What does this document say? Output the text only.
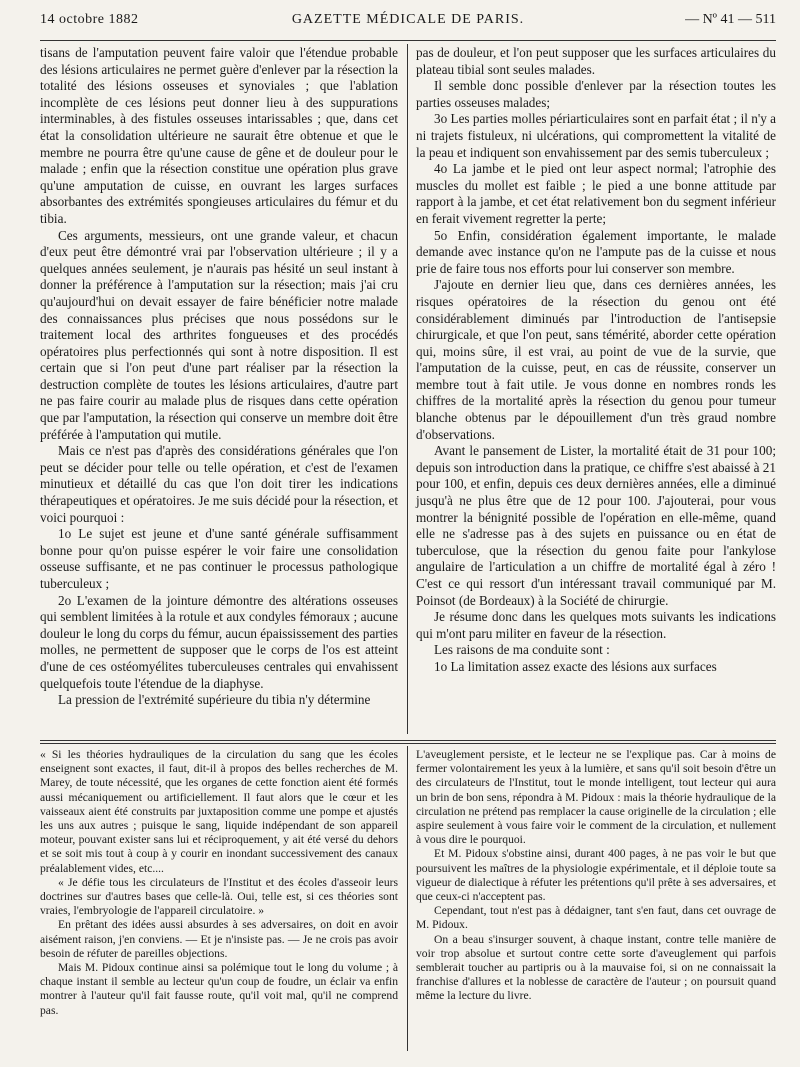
14 octobre 1882	GAZETTE MÉDICALE DE PARIS.	— Nº 41 — 511

tisans de l'amputation peuvent faire valoir que l'étendue probable des lésions articulaires ne permet guère d'enlever par la résection la totalité des lésions osseuses et synoviales ; que l'ablation incomplète de ces lésions peut donner lieu à des suppurations interminables, à des fistules osseuses intarissables ; que, dans cet état la consolidation ultérieure ne saurait être obtenue et que le membre ne pourra être qu'une cause de gêne et de douleur pour le malade ; enfin que la résection constitue une opération plus grave qu'une amputation de cuisse, en ouvrant les larges surfaces absorbantes des extrémités spongieuses articulaires du fémur et du tibia.

Ces arguments, messieurs, ont une grande valeur, et chacun d'eux peut être démontré vrai par l'observation ultérieure ; il y a quelques années seulement, je n'aurais pas hésité un seul instant à donner la préférence à l'amputation sur la résection; mais j'ai cru qu'aujourd'hui on devait essayer de faire bénéficier notre malade des connaissances plus précises que nous possédons sur le traitement local des arthrites fongueuses et des procédés opératoires plus perfectionnés qui sont à notre disposition. Il est certain que si l'on peut d'une part réaliser par la résection la destruction complète de toutes les lésions articulaires, d'autre part ne pas faire courir au malade plus de risques dans cette opération que par l'amputation, la résection qui conserve un membre doit être préférée à l'amputation qui mutile.

Mais ce n'est pas d'après des considérations générales que l'on peut se décider pour telle ou telle opération, et c'est de l'examen minutieux et détaillé du cas que l'on doit tirer les indications thérapeutiques et opératoires. Je me suis décidé pour la résection, et voici pourquoi :

1o Le sujet est jeune et d'une santé générale suffisamment bonne pour qu'on puisse espérer le voir faire une consolidation osseuse suffisante, et ne pas continuer le processus pathologique tuberculeux ;

2o L'examen de la jointure démontre des altérations osseuses qui semblent limitées à la rotule et aux condyles fémoraux ; aucune douleur le long du corps du fémur, aucun épaississement des parties molles, ne permettent de supposer que le corps de l'os est atteint d'une de ces ostéomyélites tuberculeuses centrales qui envahissent quelquefois toute l'étendue de la diaphyse.

La pression de l'extrémité supérieure du tibia n'y détermine

pas de douleur, et l'on peut supposer que les surfaces articulaires du plateau tibial sont seules malades.

Il semble donc possible d'enlever par la résection toutes les parties osseuses malades;

3o Les parties molles périarticulaires sont en parfait état ; il n'y a ni trajets fistuleux, ni ulcérations, qui compromettent la vitalité de la peau et indiquent son envahissement par des semis tuberculeux ;

4o La jambe et le pied ont leur aspect normal; l'atrophie des muscles du mollet est faible ; le pied a une bonne attitude par rapport à la jambe, et cet état relativement bon du segment inférieur en ferait vivement regretter la perte;

5o Enfin, considération également importante, le malade demande avec instance qu'on ne l'ampute pas de la cuisse et nous prie de faire tous nos efforts pour lui conserver son membre.

J'ajoute en dernier lieu que, dans ces dernières années, les risques opératoires de la résection du genou ont été considérablement diminués par l'introduction de l'antisepsie chirurgicale, et que l'on peut, sans témérité, aborder cette opération qui, moins sûre, il est vrai, au point de vue de la survie, que l'amputation de la cuisse, peut, en cas de réussite, conserver un membre tout à fait utile. Je vous donne en nombres ronds les chiffres de la mortalité après la résection du genou pour tumeur blanche obtenus par le dépouillement d'un très graud nombre d'observations.

Avant le pansement de Lister, la mortalité était de 31 pour 100; depuis son introduction dans la pratique, ce chiffre s'est abaissé à 21 pour 100, et enfin, depuis ces deux dernières années, elle a diminué jusqu'à ne plus être que de 12 pour 100. J'ajouterai, pour vous montrer la bénignité possible de l'opération en elle-même, quand elle ne s'adresse pas à des sujets en puissance ou en état de tuberculose, que la résection du genou faite pour l'ankylose angulaire de l'articulation a un chiffre de mortalité égal à zéro ! C'est ce qui ressort d'un intéressant travail communiqué par M. Poinsot (de Bordeaux) à la Société de chirurgie.

Je résume donc dans les quelques mots suivants les indications qui m'ont paru militer en faveur de la résection.

Les raisons de ma conduite sont :

1o La limitation assez exacte des lésions aux surfaces

« Si les théories hydrauliques de la circulation du sang que les écoles enseignent sont exactes, il faut, dit-il à propos des belles recherches de M. Marey, de toute nécessité, que les organes de cette fonction aient été formés aussi mécaniquement ou artificiellement. Il faut alors que le cœur et les vaisseaux aient été construits par juxtaposition comme une pompe et ajustés les uns aux autres ; puisque le sang, liquide indépendant de son appareil moteur, pouvant exister sans lui et réciproquement, y ait été versé du dehors et se soit mis tout à coup à y courir en inondant successivement des canaux préalablement vides, etc....

« Je défie tous les circulateurs de l'Institut et des écoles d'asseoir leurs doctrines sur d'autres bases que celle-là. Oui, telle est, si ces théories sont vraies, l'embryologie de l'appareil circulatoire. »

En prêtant des idées aussi absurdes à ses adversaires, on doit en avoir aisément raison, j'en conviens. — Et je n'insiste pas. — Je ne crois pas avoir besoin de réfuter de pareilles objections.

Mais M. Pidoux continue ainsi sa polémique tout le long du volume ; à chaque instant il semble au lecteur qu'un coup de foudre, un éclair va enfin montrer à l'auteur qu'il fait fausse route, qu'il voit mal, qu'il ne comprend pas.

L'aveuglement persiste, et le lecteur ne se l'explique pas. Car à moins de fermer volontairement les yeux à la lumière, et sans qu'il soit besoin d'être un des circulateurs de l'Institut, tout le monde intelligent, tout lecteur qui aura un brin de bon sens, répondra à M. Pidoux : mais la théorie hydraulique de la circulation ne prétend pas remplacer la cause originelle de la circulation ; elle aspire seulement à vous faire voir le comment de la circulation, et nullement à vous dire le pourquoi.

Et M. Pidoux s'obstine ainsi, durant 400 pages, à ne pas voir le but que poursuivent les maîtres de la physiologie expérimentale, et il déploie toute sa vigueur de dialectique à réfuter les prétentions qu'il prête à ses adversaires, et que ceux-ci n'acceptent pas.

Cependant, tout n'est pas à dédaigner, tant s'en faut, dans cet ouvrage de M. Pidoux.

On a beau s'insurger souvent, à chaque instant, contre telle manière de voir trop absolue et surtout contre cette sorte d'aveuglement qui parfois semblerait toucher au partipris ou à la mauvaise foi, si on ne connaissait la franchise d'allures et la noblesse de caractère de l'auteur ; on poursuit quand même la lecture du livre.
